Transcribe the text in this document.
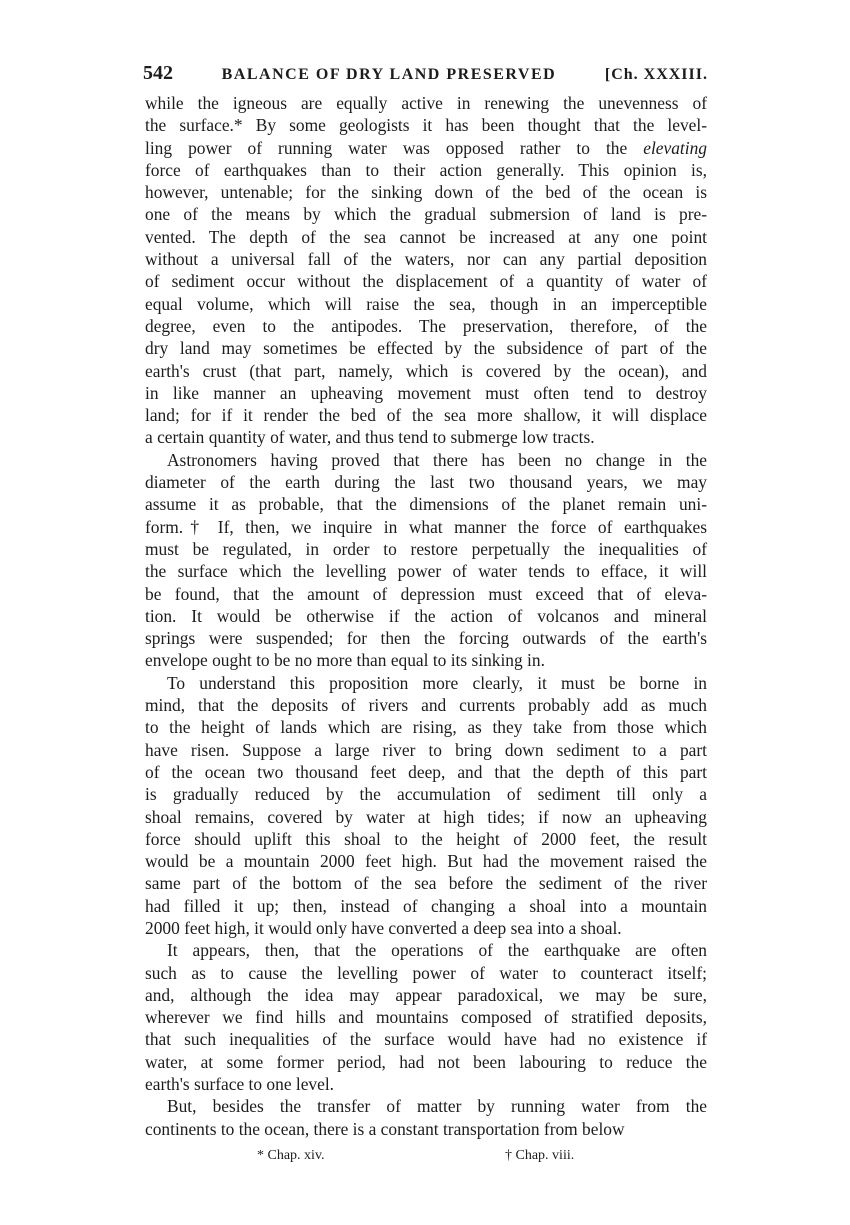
542	BALANCE OF DRY LAND PRESERVED	[Ch. XXXIII.
while the igneous are equally active in renewing the unevenness of
the surface.* By some geologists it has been thought that the level-
ling power of running water was opposed rather to the elevating
force of earthquakes than to their action generally. This opinion is,
however, untenable; for the sinking down of the bed of the ocean is
one of the means by which the gradual submersion of land is pre-
vented. The depth of the sea cannot be increased at any one point
without a universal fall of the waters, nor can any partial deposition
of sediment occur without the displacement of a quantity of water of
equal volume, which will raise the sea, though in an imperceptible
degree, even to the antipodes. The preservation, therefore, of the
dry land may sometimes be effected by the subsidence of part of the
earth's crust (that part, namely, which is covered by the ocean), and
in like manner an upheaving movement must often tend to destroy
land; for if it render the bed of the sea more shallow, it will displace
a certain quantity of water, and thus tend to submerge low tracts.
Astronomers having proved that there has been no change in the
diameter of the earth during the last two thousand years, we may
assume it as probable, that the dimensions of the planet remain uni-
form.† If, then, we inquire in what manner the force of earthquakes
must be regulated, in order to restore perpetually the inequalities of
the surface which the levelling power of water tends to efface, it will
be found, that the amount of depression must exceed that of eleva-
tion. It would be otherwise if the action of volcanos and mineral
springs were suspended; for then the forcing outwards of the earth's
envelope ought to be no more than equal to its sinking in.
To understand this proposition more clearly, it must be borne in
mind, that the deposits of rivers and currents probably add as much
to the height of lands which are rising, as they take from those which
have risen. Suppose a large river to bring down sediment to a part
of the ocean two thousand feet deep, and that the depth of this part
is gradually reduced by the accumulation of sediment till only a
shoal remains, covered by water at high tides; if now an upheaving
force should uplift this shoal to the height of 2000 feet, the result
would be a mountain 2000 feet high. But had the movement raised the
same part of the bottom of the sea before the sediment of the river
had filled it up; then, instead of changing a shoal into a mountain
2000 feet high, it would only have converted a deep sea into a shoal.
It appears, then, that the operations of the earthquake are often
such as to cause the levelling power of water to counteract itself;
and, although the idea may appear paradoxical, we may be sure,
wherever we find hills and mountains composed of stratified deposits,
that such inequalities of the surface would have had no existence if
water, at some former period, had not been labouring to reduce the
earth's surface to one level.
But, besides the transfer of matter by running water from the
continents to the ocean, there is a constant transportation from below
* Chap. xiv.	† Chap. viii.
